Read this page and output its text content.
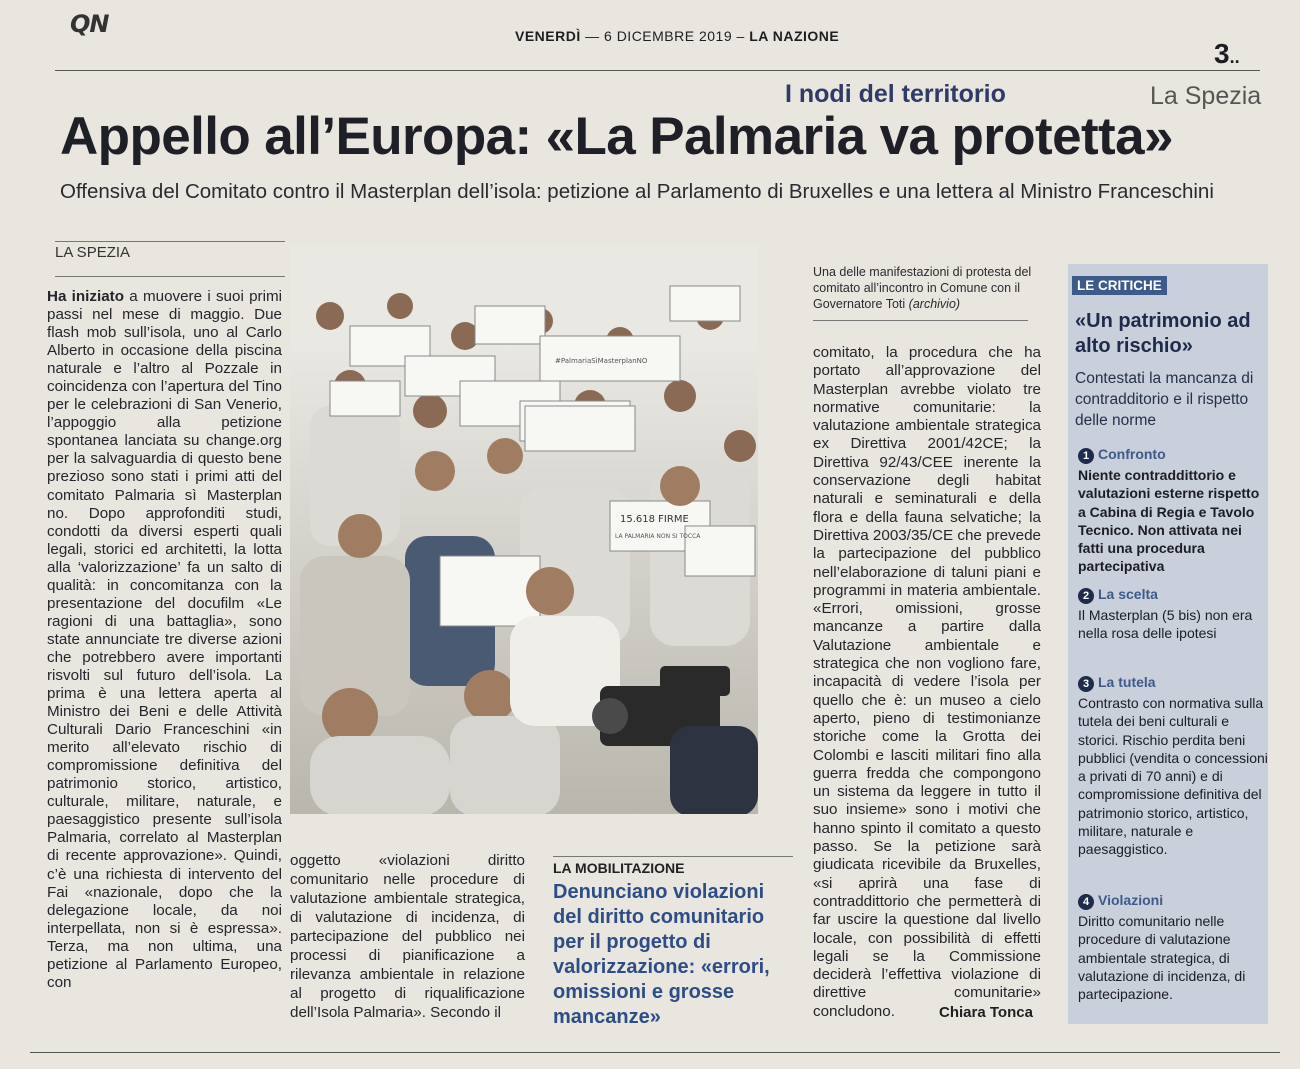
QN	VENERDÌ — 6 DICEMBRE 2019 – LA NAZIONE
3..
I nodi del territorio	La Spezia
Appello all’Europa: «La Palmaria va protetta»
Offensiva del Comitato contro il Masterplan dell’isola: petizione al Parlamento di Bruxelles e una lettera al Ministro Franceschini
LA SPEZIA

Ha iniziato a muovere i suoi primi passi nel mese di maggio. Due flash mob sull’isola, uno al Carlo Alberto in occasione della piscina naturale e l’altro al Pozzale in coincidenza con l’apertura del Tino per le celebrazioni di San Venerio, l’appoggio alla petizione spontanea lanciata su change.org per la salvaguardia di questo bene prezioso sono stati i primi atti del comitato Palmaria sì Masterplan no. Dopo approfonditi studi, condotti da diversi esperti quali legali, storici ed architetti, la lotta alla ‘valorizzazione’ fa un salto di qualità: in concomitanza con la presentazione del docufilm «Le ragioni di una battaglia», sono state annunciate tre diverse azioni che potrebbero avere importanti risvolti sul futuro dell’isola. La prima è una lettera aperta al Ministro dei Beni e delle Attività Culturali Dario Franceschini «in merito all’elevato rischio di compromissione definitiva del patrimonio storico, artistico, culturale, militare, naturale, e paesaggistico presente sull’isola Palmaria, correlato al Masterplan di recente approvazione». Quindi, c’è una richiesta di intervento del Fai «nazionale, dopo che la delegazione locale, da noi interpellata, non si è espressa». Terza, ma non ultima, una petizione al Parlamento Europeo, con

#PalmariaSìMasterplanNO
15.618 FIRME
LA PALMARIA NON SI TOCCA
Una delle manifestazioni di protesta del comitato all’incontro in Comune con il Governatore Toti (archivio)

comitato, la procedura che ha portato all’approvazione del Masterplan avrebbe violato tre normative comunitarie: la valutazione ambientale strategica ex Direttiva 2001/42CE; la Direttiva 92/43/CEE inerente la conservazione degli habitat naturali e seminaturali e della flora e della fauna selvatiche; la Direttiva 2003/35/CE che prevede la partecipazione del pubblico nell’elaborazione di taluni piani e programmi in materia ambientale. «Errori, omissioni, grosse mancanze a partire dalla Valutazione ambientale e strategica che non vogliono fare, incapacità di vedere l’isola per quello che è: un museo a cielo aperto, pieno di testimonianze storiche come la Grotta dei Colombi e lasciti militari fino alla guerra fredda che compongono un sistema da leggere in tutto il suo insieme» sono i motivi che hanno spinto il comitato a questo passo. Se la petizione sarà giudicata ricevibile da Bruxelles, «si aprirà una fase di contraddittorio che permetterà di far uscire la questione dal livello locale, con possibilità di effetti legali se la Commissione deciderà l’effettiva violazione di direttive comunitarie» concludono.	Chiara Tonca

oggetto «violazioni diritto comunitario nelle procedure di valutazione ambientale strategica, di valutazione di incidenza, di partecipazione del pubblico nei processi di pianificazione a rilevanza ambientale in relazione al progetto di riqualificazione dell’Isola Palmaria». Secondo il

LA MOBILITAZIONE
Denunciano violazioni del diritto comunitario per il progetto di valorizzazione: «errori, omissioni e grosse mancanze»
LE CRITICHE
«Un patrimonio ad alto rischio»
Contestati la mancanza di contradditorio e il rispetto delle norme
1 Confronto
Niente contraddittorio e valutazioni esterne rispetto a Cabina di Regia e Tavolo Tecnico. Non attivata nei fatti una procedura partecipativa
2 La scelta
Il Masterplan (5 bis) non era nella rosa delle ipotesi
3 La tutela
Contrasto con normativa sulla tutela dei beni culturali e storici. Rischio perdita beni pubblici (vendita o concessioni a privati di 70 anni) e di compromissione definitiva del patrimonio storico, artistico, militare, naturale e paesaggistico.
4 Violazioni
Diritto comunitario nelle procedure di valutazione ambientale strategica, di valutazione di incidenza, di partecipazione.
